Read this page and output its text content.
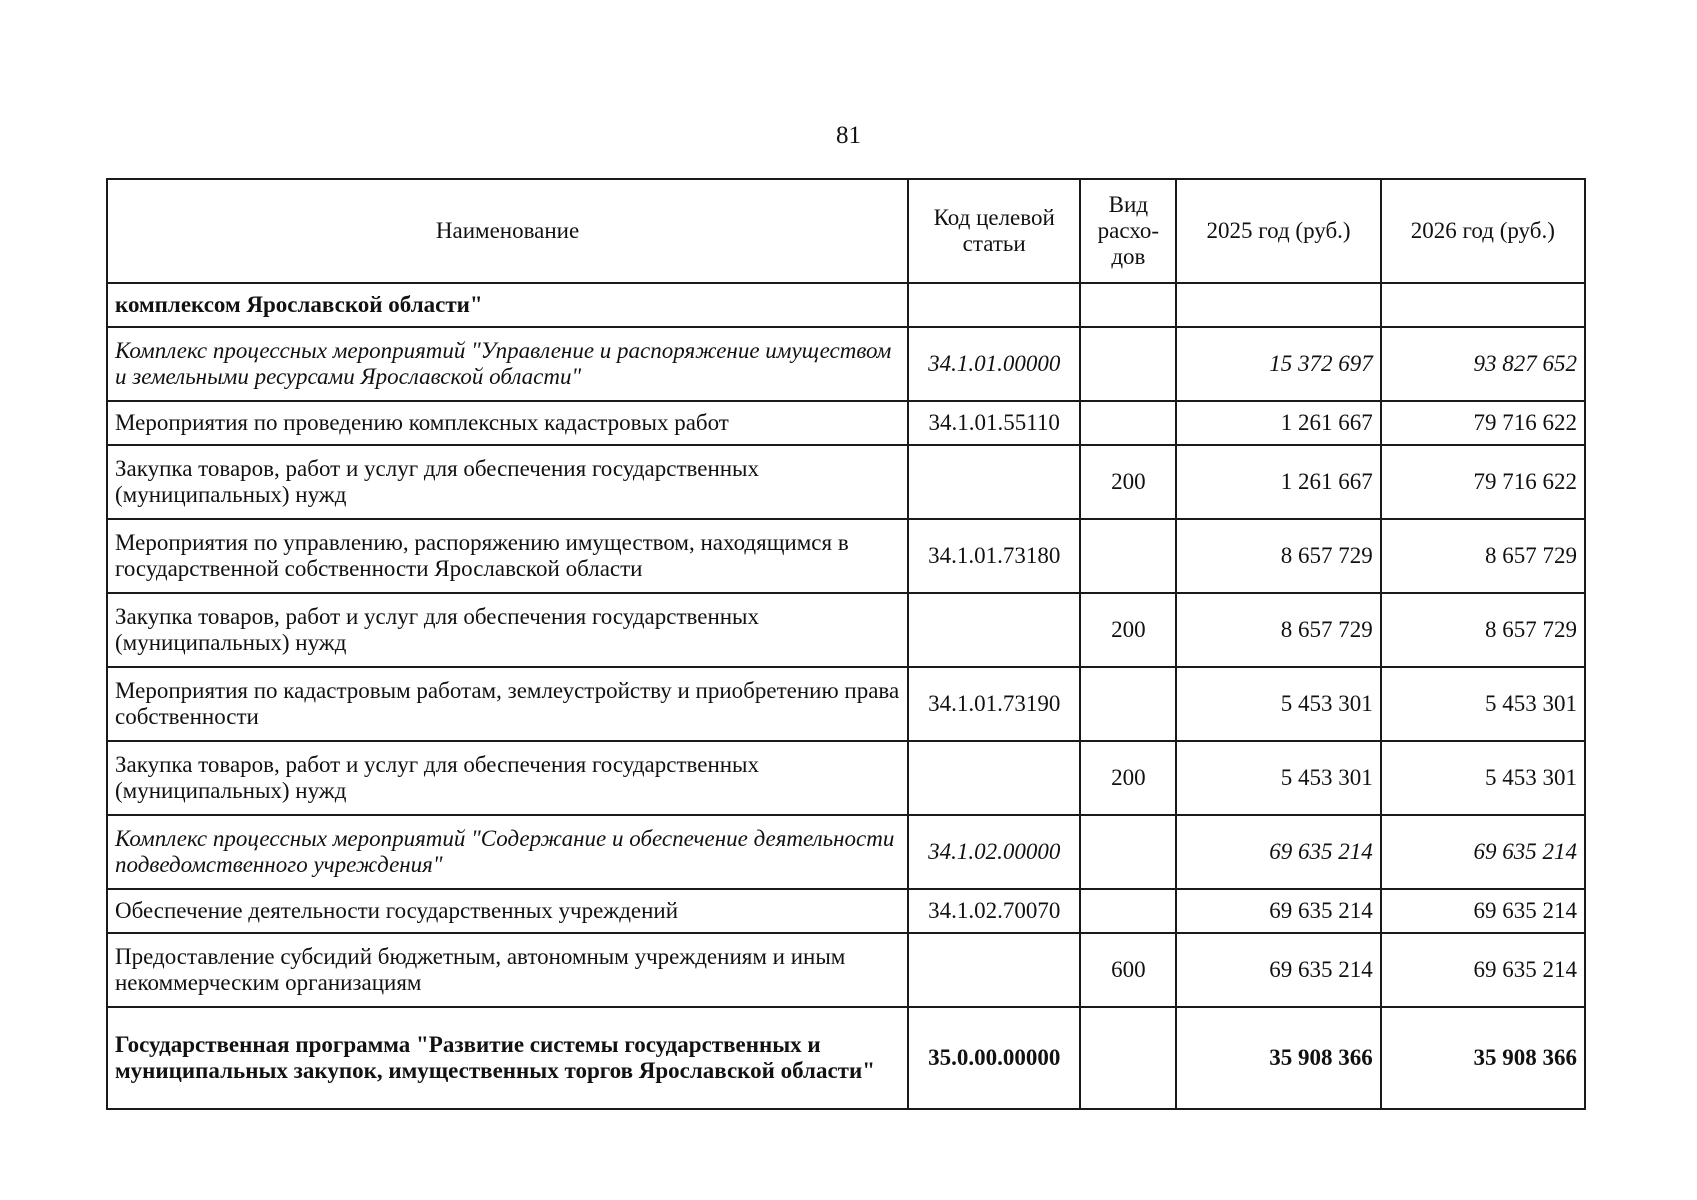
81
Наименование	Код целевой статьи	Вид расхо-дов	2025 год (руб.)	2026 год (руб.)
комплексом Ярославской области"				
Комплекс процессных мероприятий "Управление и распоряжение имуществом и земельными ресурсами Ярославской области"	34.1.01.00000		15 372 697	93 827 652
Мероприятия по проведению комплексных кадастровых работ	34.1.01.55110		1 261 667	79 716 622
Закупка товаров, работ и услуг для обеспечения государственных (муниципальных) нужд		200	1 261 667	79 716 622
Мероприятия по управлению, распоряжению имуществом, находящимся в государственной собственности Ярославской области	34.1.01.73180		8 657 729	8 657 729
Закупка товаров, работ и услуг для обеспечения государственных (муниципальных) нужд		200	8 657 729	8 657 729
Мероприятия по кадастровым работам, землеустройству и приобретению права собственности	34.1.01.73190		5 453 301	5 453 301
Закупка товаров, работ и услуг для обеспечения государственных (муниципальных) нужд		200	5 453 301	5 453 301
Комплекс процессных мероприятий "Содержание и обеспечение деятельности подведомственного учреждения"	34.1.02.00000		69 635 214	69 635 214
Обеспечение деятельности государственных учреждений	34.1.02.70070		69 635 214	69 635 214
Предоставление субсидий бюджетным, автономным учреждениям и иным некоммерческим организациям		600	69 635 214	69 635 214
Государственная программа "Развитие системы государственных и муниципальных закупок, имущественных торгов Ярославской области"	35.0.00.00000		35 908 366	35 908 366
